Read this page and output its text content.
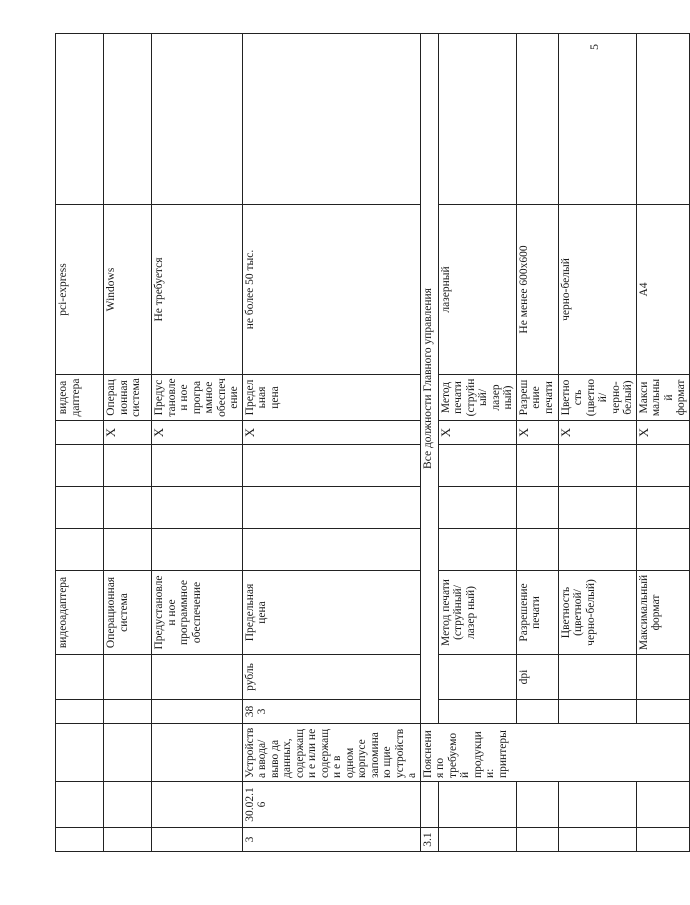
5
					видеоадаптера					видеоадаптера	pci-express	
					Операционная система				X	Операционная система	Windows	
					Предустановлен ное программное обеспечение				X	Предустановлен ное программное обеспечение	Не требуется	
3	30.02.16	Устройства ввода/выво да данных, содержащи е или не содержащи е в одном корпусе запоминаю щие устройства	383	рубль	Предельная цена				X	Предельная цена	не более 50 тыс.	
3.1		Пояснения по требуемой продукции: принтеры	Все должности Главного управления									
					Метод печати (струйный/лазер ный)				X	Метод печати (струйный/лазер ный)	лазерный	
				dpi	Разрешение печати				X	Разрешение печати	Не менее 600x600	
					Цветность (цветной/черно-белый)				X	Цветность (цветной/черно-белый)	черно-белый	
					Максимальный формат				X	Максимальный формат	А4	
